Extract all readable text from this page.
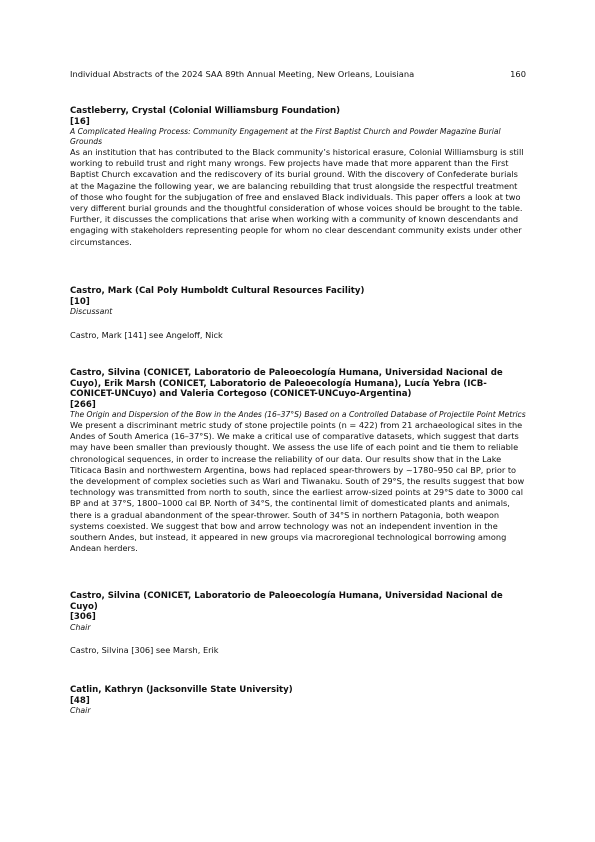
Individual Abstracts of the 2024 SAA 89th Annual Meeting, New Orleans, Louisiana	160

Castleberry, Crystal (Colonial Williamsburg Foundation)

[16]

A Complicated Healing Process: Community Engagement at the First Baptist Church and Powder Magazine Burial Grounds

As an institution that has contributed to the Black community’s historical erasure, Colonial Williamsburg is still working to rebuild trust and right many wrongs. Few projects have made that more apparent than the First Baptist Church excavation and the rediscovery of its burial ground. With the discovery of Confederate burials at the Magazine the following year, we are balancing rebuilding that trust alongside the respectful treatment of those who fought for the subjugation of free and enslaved Black individuals. This paper offers a look at two very different burial grounds and the thoughtful consideration of whose voices should be brought to the table. Further, it discusses the complications that arise when working with a community of known descendants and engaging with stakeholders representing people for whom no clear descendant community exists under other circumstances.

Castro, Mark (Cal Poly Humboldt Cultural Resources Facility)

[10]

Discussant

Castro, Mark [141] see Angeloff, Nick

Castro, Silvina (CONICET, Laboratorio de Paleoecología Humana, Universidad Nacional de Cuyo), Erik Marsh (CONICET, Laboratorio de Paleoecología Humana), Lucía Yebra (ICB-CONICET-UNCuyo) and Valeria Cortegoso (CONICET-UNCuyo-Argentina)

[266]

The Origin and Dispersion of the Bow in the Andes (16–37°S) Based on a Controlled Database of Projectile Point Metrics

We present a discriminant metric study of stone projectile points (n = 422) from 21 archaeological sites in the Andes of South America (16–37°S). We make a critical use of comparative datasets, which suggest that darts may have been smaller than previously thought. We assess the use life of each point and tie them to reliable chronological sequences, in order to increase the reliability of our data. Our results show that in the Lake Titicaca Basin and northwestern Argentina, bows had replaced spear-throwers by ~1780–950 cal BP, prior to the development of complex societies such as Wari and Tiwanaku. South of 29°S, the results suggest that bow technology was transmitted from north to south, since the earliest arrow-sized points at 29°S date to 3000 cal BP and at 37°S, 1800–1000 cal BP. North of 34°S, the continental limit of domesticated plants and animals, there is a gradual abandonment of the spear-thrower. South of 34°S in northern Patagonia, both weapon systems coexisted. We suggest that bow and arrow technology was not an independent invention in the southern Andes, but instead, it appeared in new groups via macroregional technological borrowing among Andean herders.

Castro, Silvina (CONICET, Laboratorio de Paleoecología Humana, Universidad Nacional de Cuyo)

[306]

Chair

Castro, Silvina [306] see Marsh, Erik

Catlin, Kathryn (Jacksonville State University)

[48]

Chair
